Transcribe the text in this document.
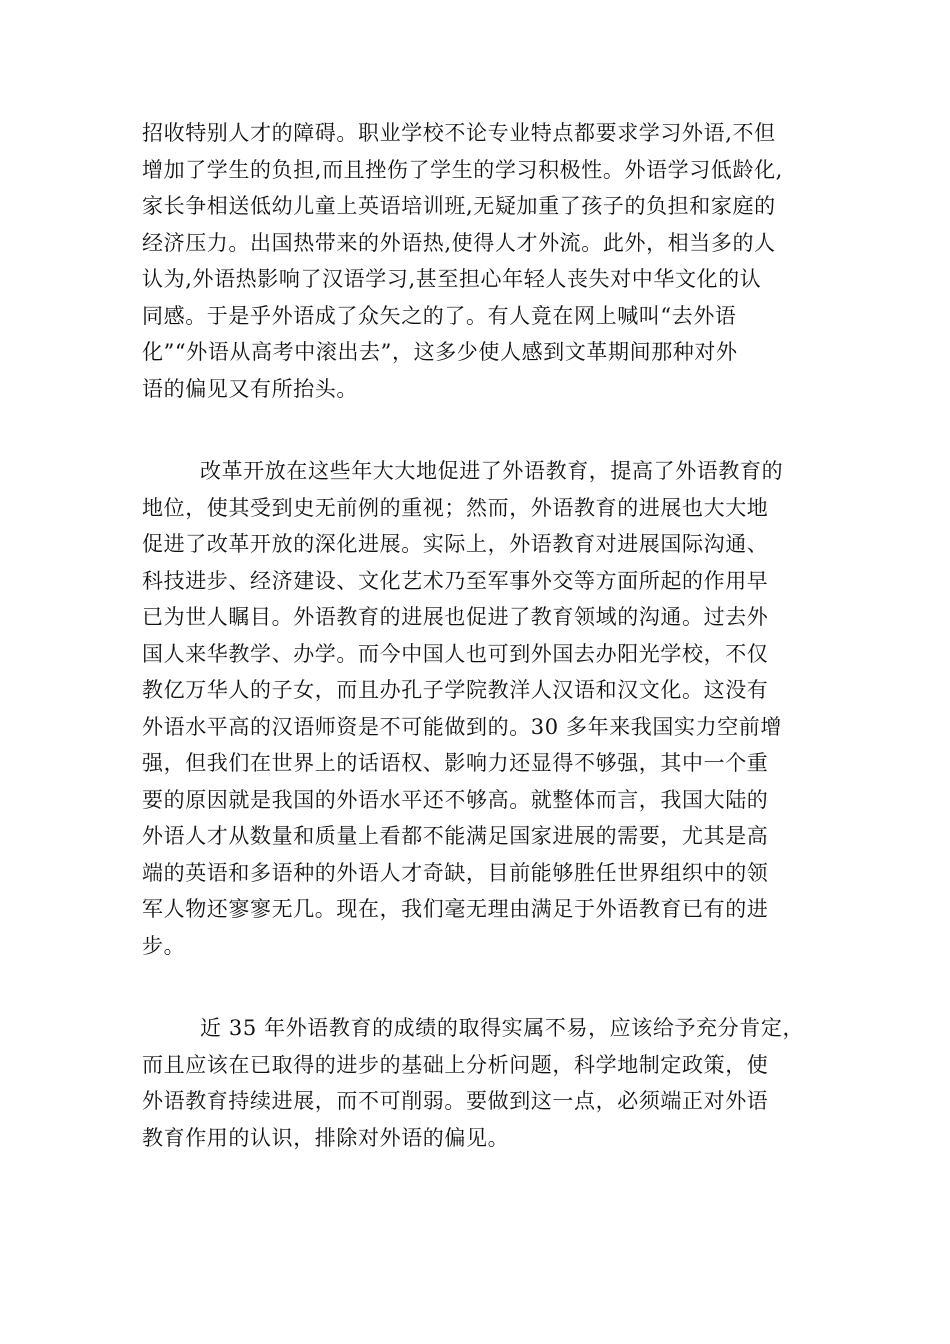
招收特别人才的障碍。职业学校不论专业特点都要求学习外语,不但
增加了学生的负担,而且挫伤了学生的学习积极性。外语学习低龄化,
家长争相送低幼儿童上英语培训班,无疑加重了孩子的负担和家庭的
经济压力。出国热带来的外语热,使得人才外流。此外，相当多的人
认为,外语热影响了汉语学习,甚至担心年轻人丧失对中华文化的认
同感。于是乎外语成了众矢之的了。有人竟在网上喊叫“去外语
化”“外语从高考中滚出去”，这多少使人感到文革期间那种对外
语的偏见又有所抬头。
改革开放在这些年大大地促进了外语教育，提高了外语教育的
地位，使其受到史无前例的重视；然而，外语教育的进展也大大地
促进了改革开放的深化进展。实际上，外语教育对进展国际沟通、
科技进步、经济建设、文化艺术乃至军事外交等方面所起的作用早
已为世人瞩目。外语教育的进展也促进了教育领域的沟通。过去外
国人来华教学、办学。而今中国人也可到外国去办阳光学校，不仅
教亿万华人的子女，而且办孔子学院教洋人汉语和汉文化。这没有
外语水平高的汉语师资是不可能做到的。30 多年来我国实力空前增
强，但我们在世界上的话语权、影响力还显得不够强，其中一个重
要的原因就是我国的外语水平还不够高。就整体而言，我国大陆的
外语人才从数量和质量上看都不能满足国家进展的需要，尤其是高
端的英语和多语种的外语人才奇缺，目前能够胜任世界组织中的领
军人物还寥寥无几。现在，我们毫无理由满足于外语教育已有的进
步。
近 35 年外语教育的成绩的取得实属不易，应该给予充分肯定，
而且应该在已取得的进步的基础上分析问题，科学地制定政策，使
外语教育持续进展，而不可削弱。要做到这一点，必须端正对外语
教育作用的认识，排除对外语的偏见。
